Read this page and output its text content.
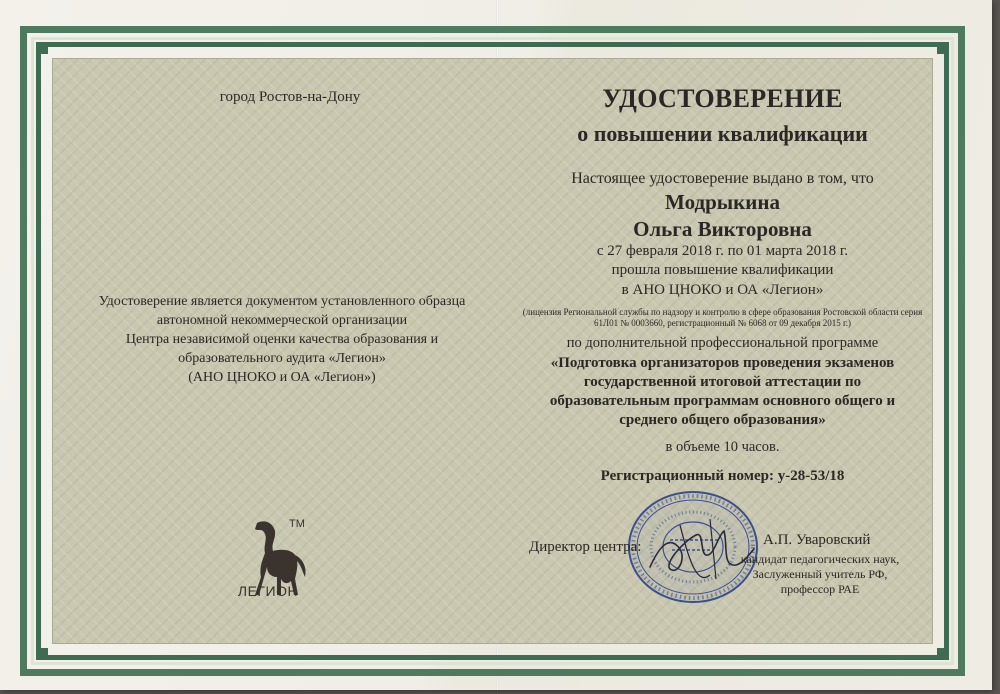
город Ростов-на-Дону
Удостоверение является документом установленного образца
автономной некоммерческой организации
Центра независимой оценки качества образования и
образовательного аудита «Легион»
(АНО ЦНОКО и ОА «Легион»)
TM
ЛЕГИОН
УДОСТОВЕРЕНИЕ
о повышении квалификации
Настоящее удостоверение выдано в том, что
Модрыкина
Ольга Викторовна
с 27 февраля 2018 г. по 01 марта 2018 г.
прошла повышение квалификации
в АНО ЦНОКО и ОА «Легион»
(лицензия Региональной службы по надзору и контролю в сфере образования Ростовской области серия
61Л01 № 0003660, регистрационный № 6068 от 09 декабря 2015 г.)
по дополнительной профессиональной программе
«Подготовка организаторов проведения экзаменов
государственной итоговой аттестации по
образовательным программам основного общего и
среднего общего образования»
в объеме 10 часов.
Регистрационный номер: у-28-53/18
Директор центра:	А.П. Уваровский
кандидат педагогических наук,
Заслуженный учитель РФ,
профессор РАЕ
